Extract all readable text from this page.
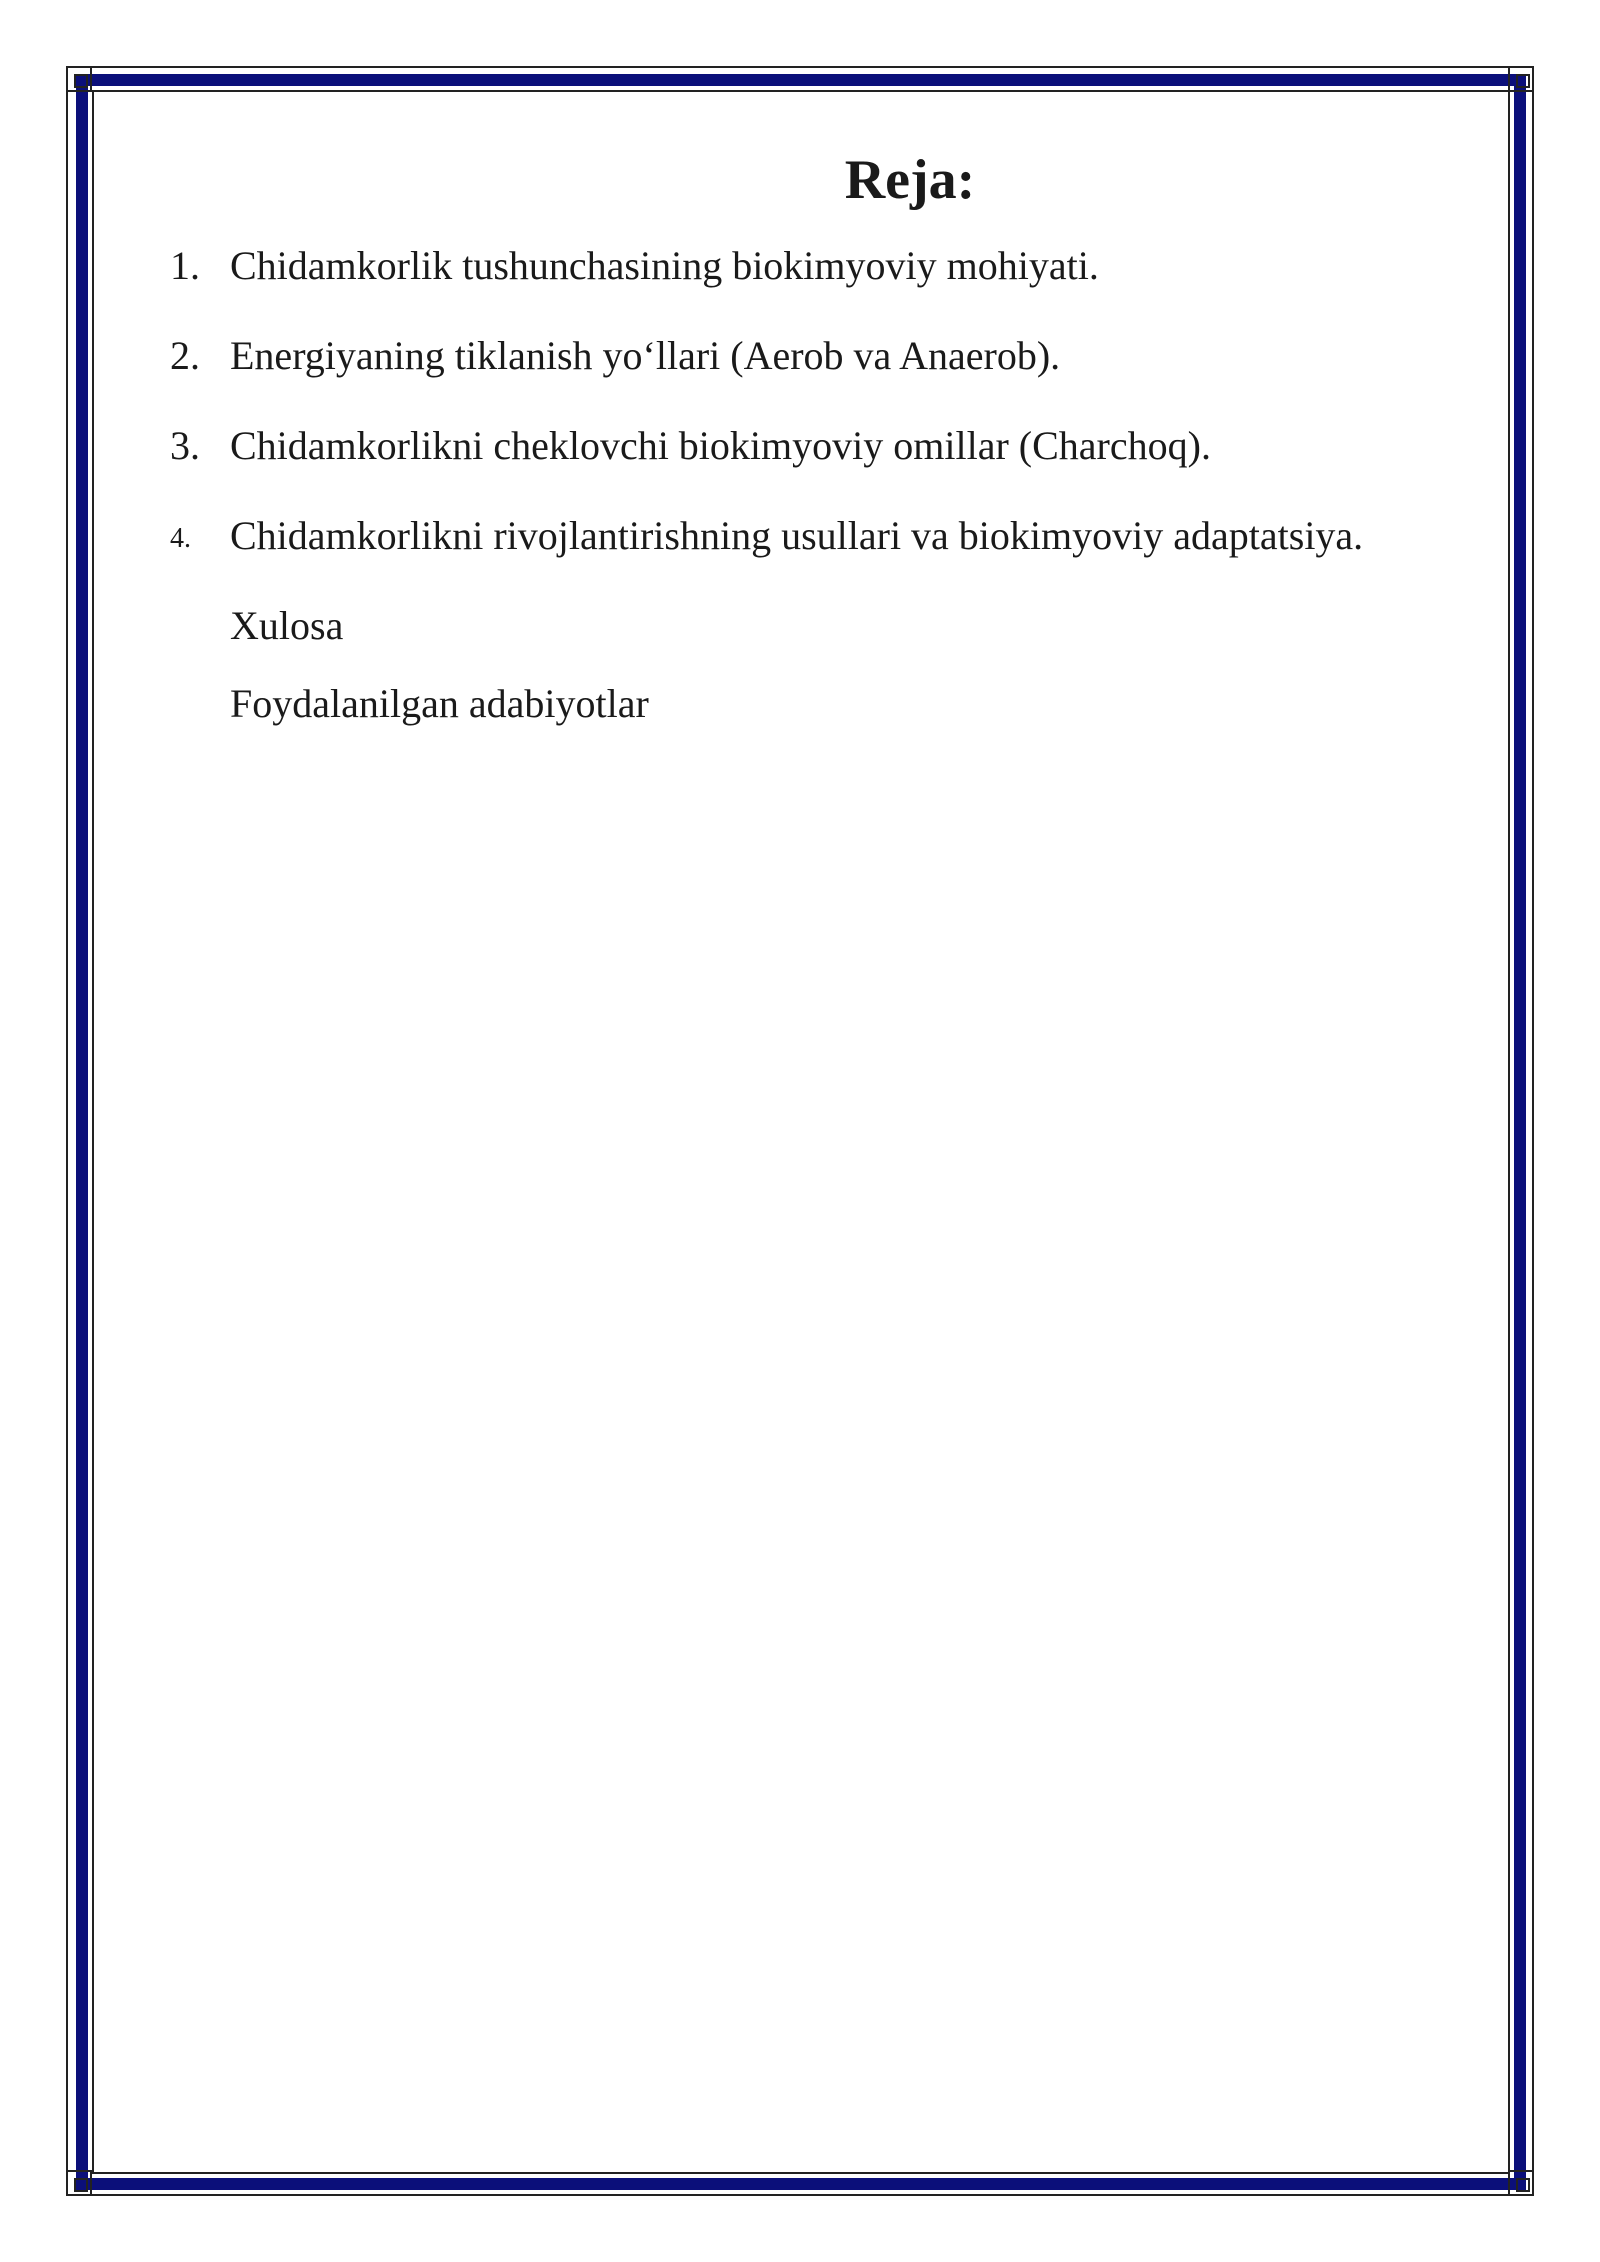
Reja:
1. Chidamkorlik tushunchasining biokimyoviy mohiyati.
2. Energiyaning tiklanish yo‘llari (Aerob va Anaerob).
3. Chidamkorlikni cheklovchi biokimyoviy omillar (Charchoq).
4. Chidamkorlikni rivojlantirishning usullari va biokimyoviy adaptatsiya.
Xulosa
Foydalanilgan adabiyotlar
